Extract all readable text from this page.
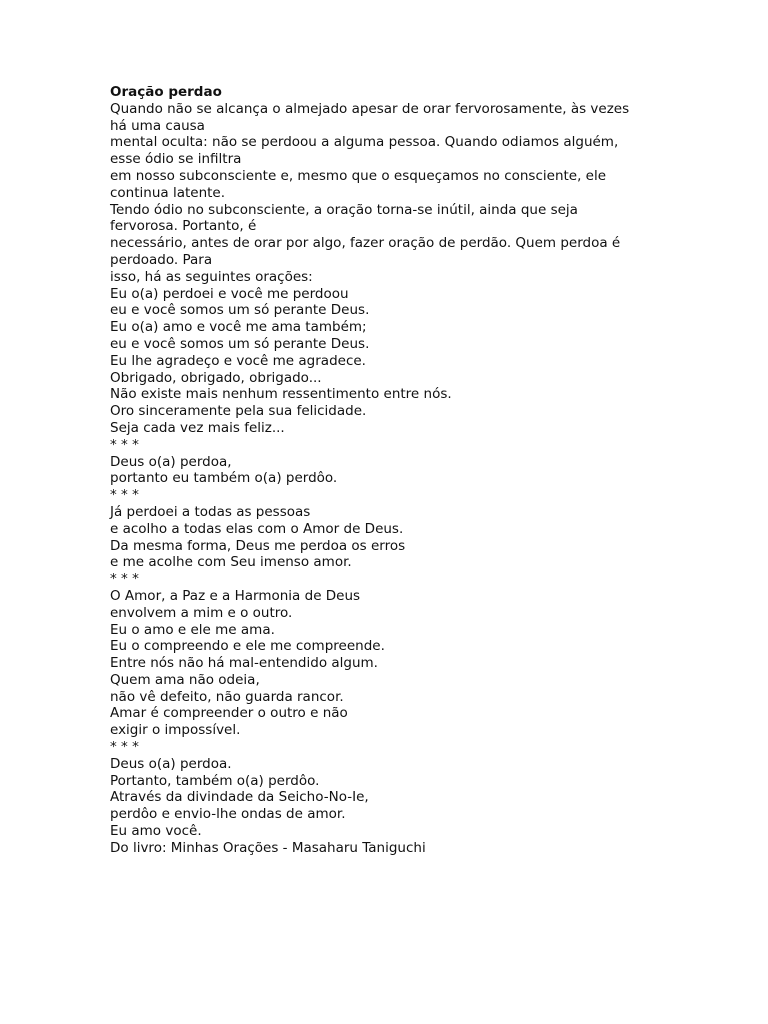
Oração perdao

Quando não se alcança o almejado apesar de orar fervorosamente, às vezes

há uma causa

mental oculta: não se perdoou a alguma pessoa. Quando odiamos alguém,

esse ódio se infiltra

em nosso subconsciente e, mesmo que o esqueçamos no consciente, ele

continua latente.

Tendo ódio no subconsciente, a oração torna-se inútil, ainda que seja

fervorosa. Portanto, é

necessário, antes de orar por algo, fazer oração de perdão. Quem perdoa é

perdoado. Para

isso, há as seguintes orações:

Eu o(a) perdoei e você me perdoou

eu e você somos um só perante Deus.

Eu o(a) amo e você me ama também;

eu e você somos um só perante Deus.

Eu lhe agradeço e você me agradece.

Obrigado, obrigado, obrigado...

Não existe mais nenhum ressentimento entre nós.

Oro sinceramente pela sua felicidade.

Seja cada vez mais feliz...

* * *

Deus o(a) perdoa,

portanto eu também o(a) perdôo.

* * *

Já perdoei a todas as pessoas

e acolho a todas elas com o Amor de Deus.

Da mesma forma, Deus me perdoa os erros

e me acolhe com Seu imenso amor.

* * *

O Amor, a Paz e a Harmonia de Deus

envolvem a mim e o outro.

Eu o amo e ele me ama.

Eu o compreendo e ele me compreende.

Entre nós não há mal-entendido algum.

Quem ama não odeia,

não vê defeito, não guarda rancor.

Amar é compreender o outro e não

exigir o impossível.

* * *

Deus o(a) perdoa.

Portanto, também o(a) perdôo.

Através da divindade da Seicho-No-Ie,

perdôo e envio-lhe ondas de amor.

Eu amo você.

Do livro: Minhas Orações - Masaharu Taniguchi
